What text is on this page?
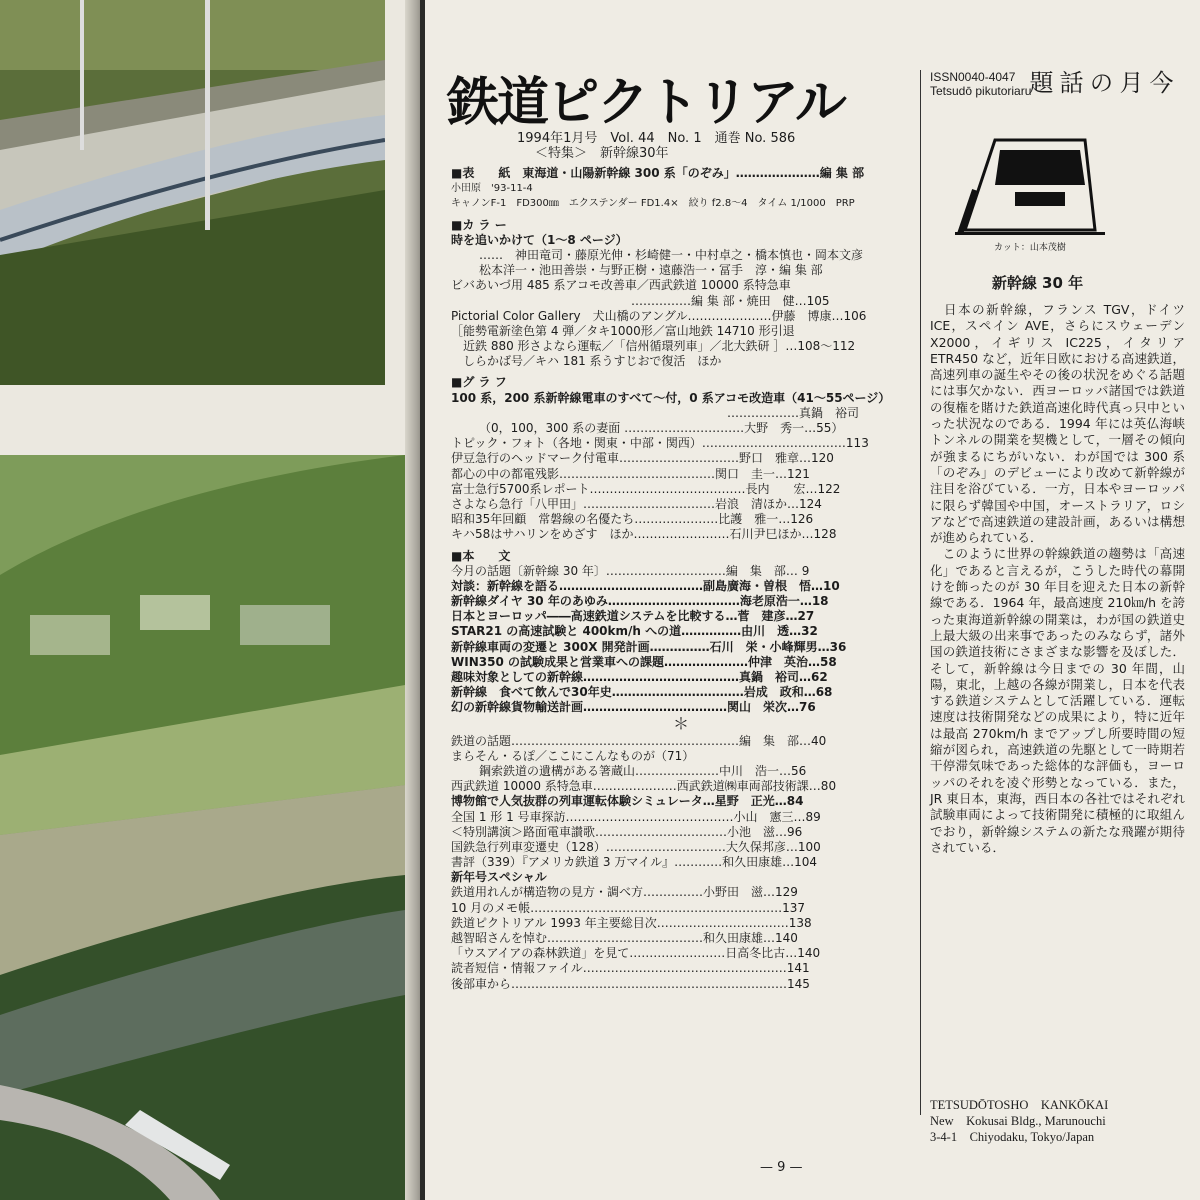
鉄道ピクトリアル
1994年1月号　Vol. 44　No. 1　通巻 No. 586
＜特集＞　新幹線30年
■表　　紙　東海道・山陽新幹線 300 系「のぞみ」…………………編 集 部
小田原　'93-11-4
キャノンF-1　FD300㎜　エクステンダー FD1.4×　絞り f2.8〜4　タイム 1/1000　PRP
■カ ラ ー
時を追いかけて（1〜8 ページ）
……　神田竜司・藤原光伸・杉崎健一・中村卓之・橋本慎也・岡本文彦
松本洋一・池田善崇・与野正樹・遠藤浩一・冨手　淳・編 集 部
ビバあいづ用 485 系アコモ改善車／西武鉄道 10000 系特急車
　　　　　　　　　　　　　　　……………編 集 部・焼田　健…105
Pictorial Color Gallery　犬山橋のアングル…………………伊藤　博康…106
［能勢電新塗色第 4 弾／タキ1000形／富山地鉄 14710 形引退
　近鉄 880 形さよなら運転／「信州循環列車」／北大鉄研 ］…108〜112
　しらかば号／キハ 181 系うすじおで復活　ほか
■グ ラ フ
100 系，200 系新幹線電車のすべて〜付，0 系アコモ改造車（41〜55ページ）
　　　　　　　　　　　　　　　　　　　　　　　………………真鍋　裕司
（0，100，300 系の妻面 …………………………大野　秀一…55）
トピック・フォト（各地・関東・中部・関西）………………………………113
伊豆急行のヘッドマーク付電車…………………………野口　雅章…120
都心の中の都電残影…………………………………関口　圭一…121
富士急行5700系レポート…………………………………長内　　宏…122
さよなら急行「八甲田」……………………………岩浪　清ほか…124
昭和35年回顧　常磐線の名優たち…………………比護　雅一…126
キハ58はサハリンをめざす　ほか……………………石川尹巳ほか…128
■本　　文
今月の話題〔新幹線 30 年〕…………………………編　集　部… 9
対談：新幹線を語る………………………………副島廣海・曽根　悟…10
新幹線ダイヤ 30 年のあゆみ……………………………海老原浩一…18
日本とヨーロッパ――高速鉄道システムを比較する…菅　建彦…27
STAR21 の高速試験と 400km/h への道……………由川　透…32
新幹線車両の変遷と 300X 開発計画……………石川　栄・小峰輝男…36
WIN350 の試験成果と営業車への課題…………………仲津　英治…58
趣味対象としての新幹線…………………………………真鍋　裕司…62
新幹線　食べて飲んで30年史……………………………岩成　政和…68
幻の新幹線貨物輸送計画………………………………関山　栄次…76
＊
鉄道の話題…………………………………………………編　集　部…40
まらそん・るぽ／ここにこんなものが（71）
鋼索鉄道の遺構がある箸蔵山…………………中川　浩一…56
西武鉄道 10000 系特急車…………………西武鉄道㈱車両部技術課…80
博物館で人気抜群の列車運転体験シミュレータ…星野　正光…84
全国 1 形 1 号車探訪……………………………………小山　憲三…89
＜特別講演＞路面電車讃歌……………………………小池　滋…96
国鉄急行列車変遷史（128）…………………………大久保邦彦…100
書評（339）『アメリカ鉄道 3 万マイル』…………和久田康雄…104
新年号スペシャル
鉄道用れんが構造物の見方・調べ方……………小野田　滋…129
10 月のメモ帳………………………………………………………137
鉄道ピクトリアル 1993 年主要総目次……………………………138
越智昭さんを悼む…………………………………和久田康雄…140
「ウスアイアの森林鉄道」を見て……………………日高冬比古…140
読者短信・情報ファイル……………………………………………141
後部車から……………………………………………………………145
ISSN0040-4047
Tetsudō pikutoriaru	今月の話題
カット：山本茂樹
新幹線 30 年
　日本の新幹線，フランス TGV，ドイツ ICE，スペイン AVE，さらにスウェーデン X2000，イギリス IC225，イタリア ETR450 など，近年日欧における高速鉄道，高速列車の誕生やその後の状況をめぐる話題には事欠かない．西ヨーロッパ諸国では鉄道の復権を賭けた鉄道高速化時代真っ只中といった状況なのである．1994 年には英仏海峡トンネルの開業を契機として，一層その傾向が強まるにちがいない．わが国では 300 系「のぞみ」のデビューにより改めて新幹線が注目を浴びている．一方，日本やヨーロッパに限らず韓国や中国，オーストラリア，ロシアなどで高速鉄道の建設計画，あるいは構想が進められている．
　このように世界の幹線鉄道の趨勢は「高速化」であると言えるが，こうした時代の幕開けを飾ったのが 30 年目を迎えた日本の新幹線である．1964 年，最高速度 210㎞/h を誇った東海道新幹線の開業は，わが国の鉄道史上最大級の出来事であったのみならず，諸外国の鉄道技術にさまざまな影響を及ぼした．そして，新幹線は今日までの 30 年間，山陽，東北，上越の各線が開業し，日本を代表する鉄道システムとして活躍している．運転速度は技術開発などの成果により，特に近年は最高 270km/h までアップし所要時間の短縮が図られ，高速鉄道の先駆として一時期若干停滞気味であった総体的な評価も，ヨーロッパのそれを凌ぐ形勢となっている．また，JR 東日本，東海，西日本の各社ではそれぞれ試験車両によって技術開発に積極的に取組んでおり，新幹線システムの新たな飛躍が期待されている．
TETSUDŌTOSHO　KANKŌKAI
New　Kokusai Bldg., Marunouchi
3-4-1　Chiyodaku, Tokyo/Japan
— 9 —
